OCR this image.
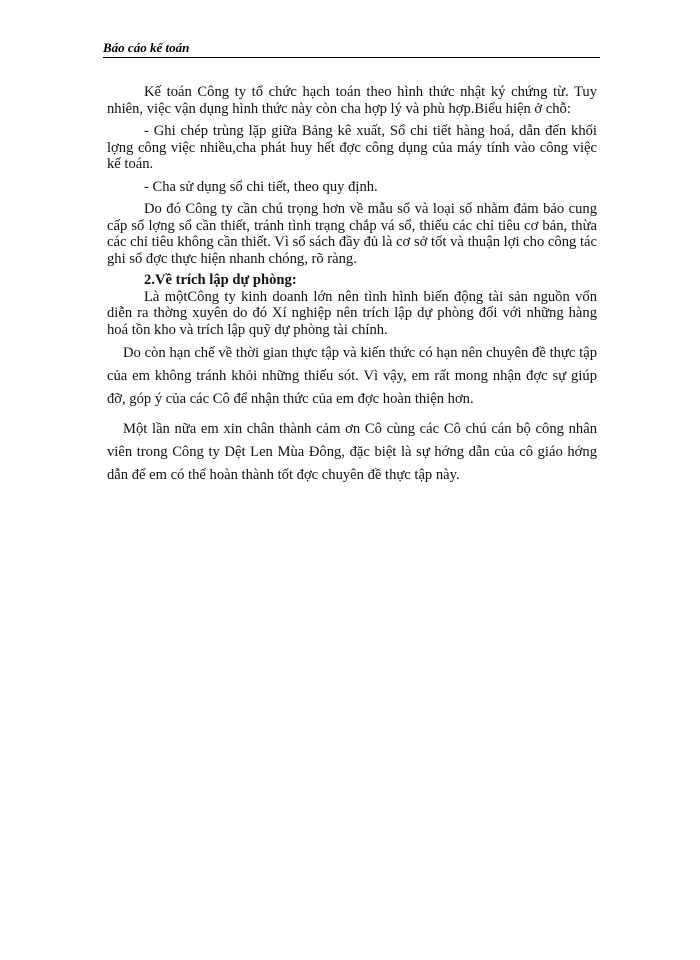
Báo cáo kế toán

Kế toán Công ty tổ chức hạch toán theo hình thức nhật ký chứng từ. Tuy nhiên, việc vận dụng hình thức này còn cha hợp lý và phù hợp.Biểu hiện ở chỗ:

- Ghi chép trùng lặp giữa Bảng kê xuất, Sổ chi tiết hàng hoá, dẫn đến khối lợng công việc nhiều,cha phát huy hết đợc công dụng của máy tính vào công việc kế toán.

- Cha sử dụng sổ chi tiết, theo quy định.

Do đó Công ty cần chú trọng hơn về mẫu sổ và loại sổ nhằm đảm bảo cung cấp số lợng sổ cần thiết, tránh tình trạng chắp vá sổ, thiếu các chỉ tiêu cơ bản, thừa các chỉ tiêu không cần thiết. Vì sổ sách đầy đủ là cơ sở tốt và thuận lợi cho công tác ghi sổ đợc thực hiện nhanh chóng, rõ ràng.

2.Về trích lập dự phòng:

Là mộtCông ty kinh doanh lớn nên tình hình biến động tài sản nguồn vốn diễn ra thờng xuyên do đó Xí nghiệp nên trích lập dự phòng đối với những hàng hoá tồn kho và trích lập quỹ dự phòng tài chính.

Do còn hạn chế về thời gian thực tập và kiến thức có hạn nên chuyên đề thực tập của em không tránh khỏi những thiếu sót. Vì vậy, em rất mong nhận đợc sự giúp đỡ, góp ý của các Cô để nhận thức của em đợc hoàn thiện hơn.

Một lần nữa em xin chân thành cảm ơn Cô cùng các Cô chú cán bộ công nhân viên trong Công ty Dệt Len Mùa Đông, đặc biệt là sự hớng dẫn của cô giáo hớng dẫn để em có thể hoàn thành tốt đợc chuyên đề thực tập này.
